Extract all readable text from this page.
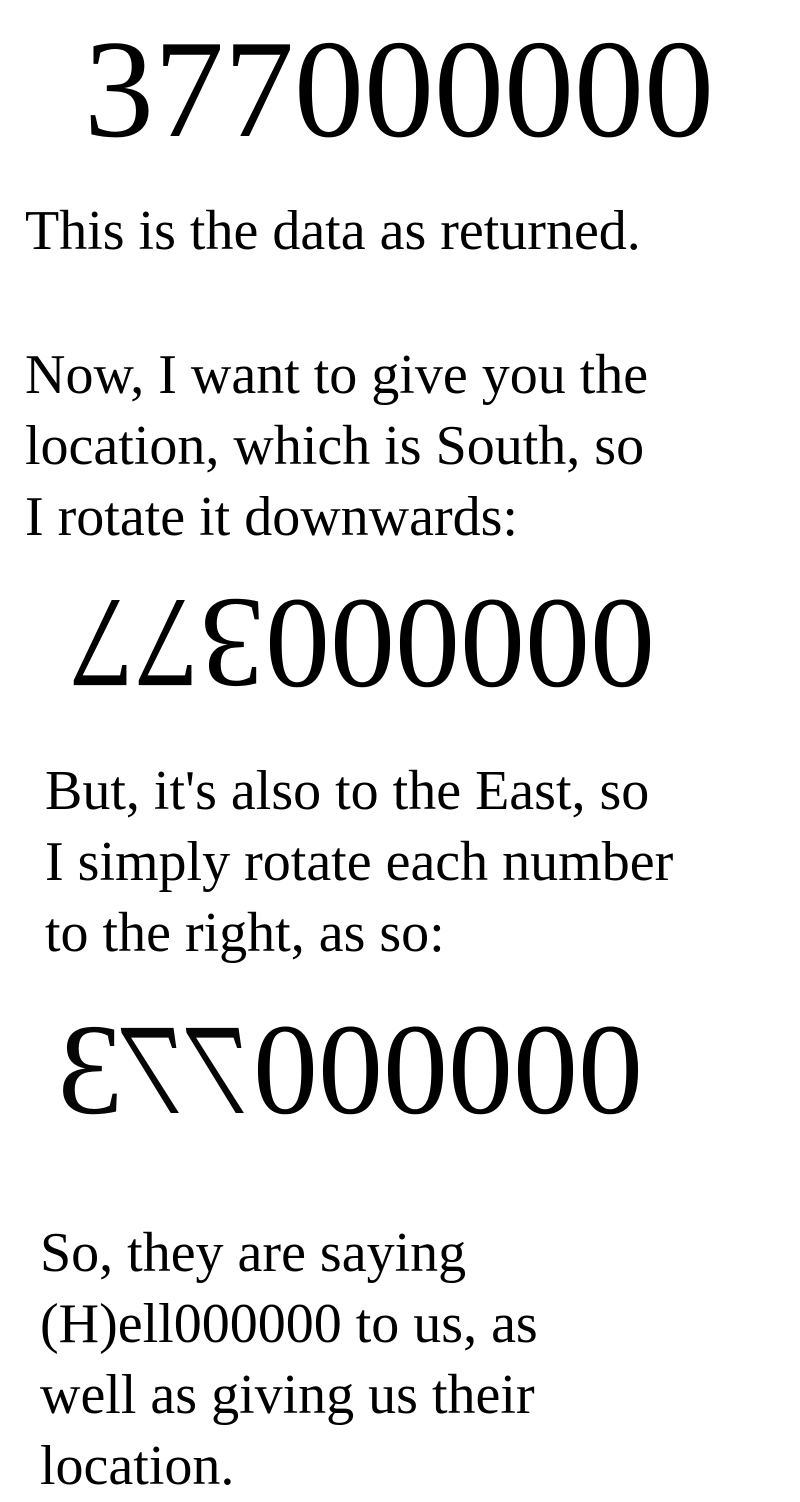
377000000
This is the data as returned.
Now, I want to give you the
location, which is South, so
I rotate it downwards:
773000000
But, it's also to the East, so
I simply rotate each number
to the right, as so:
377000000
So, they are saying
(H)ell000000 to us, as
well as giving us their
location.
